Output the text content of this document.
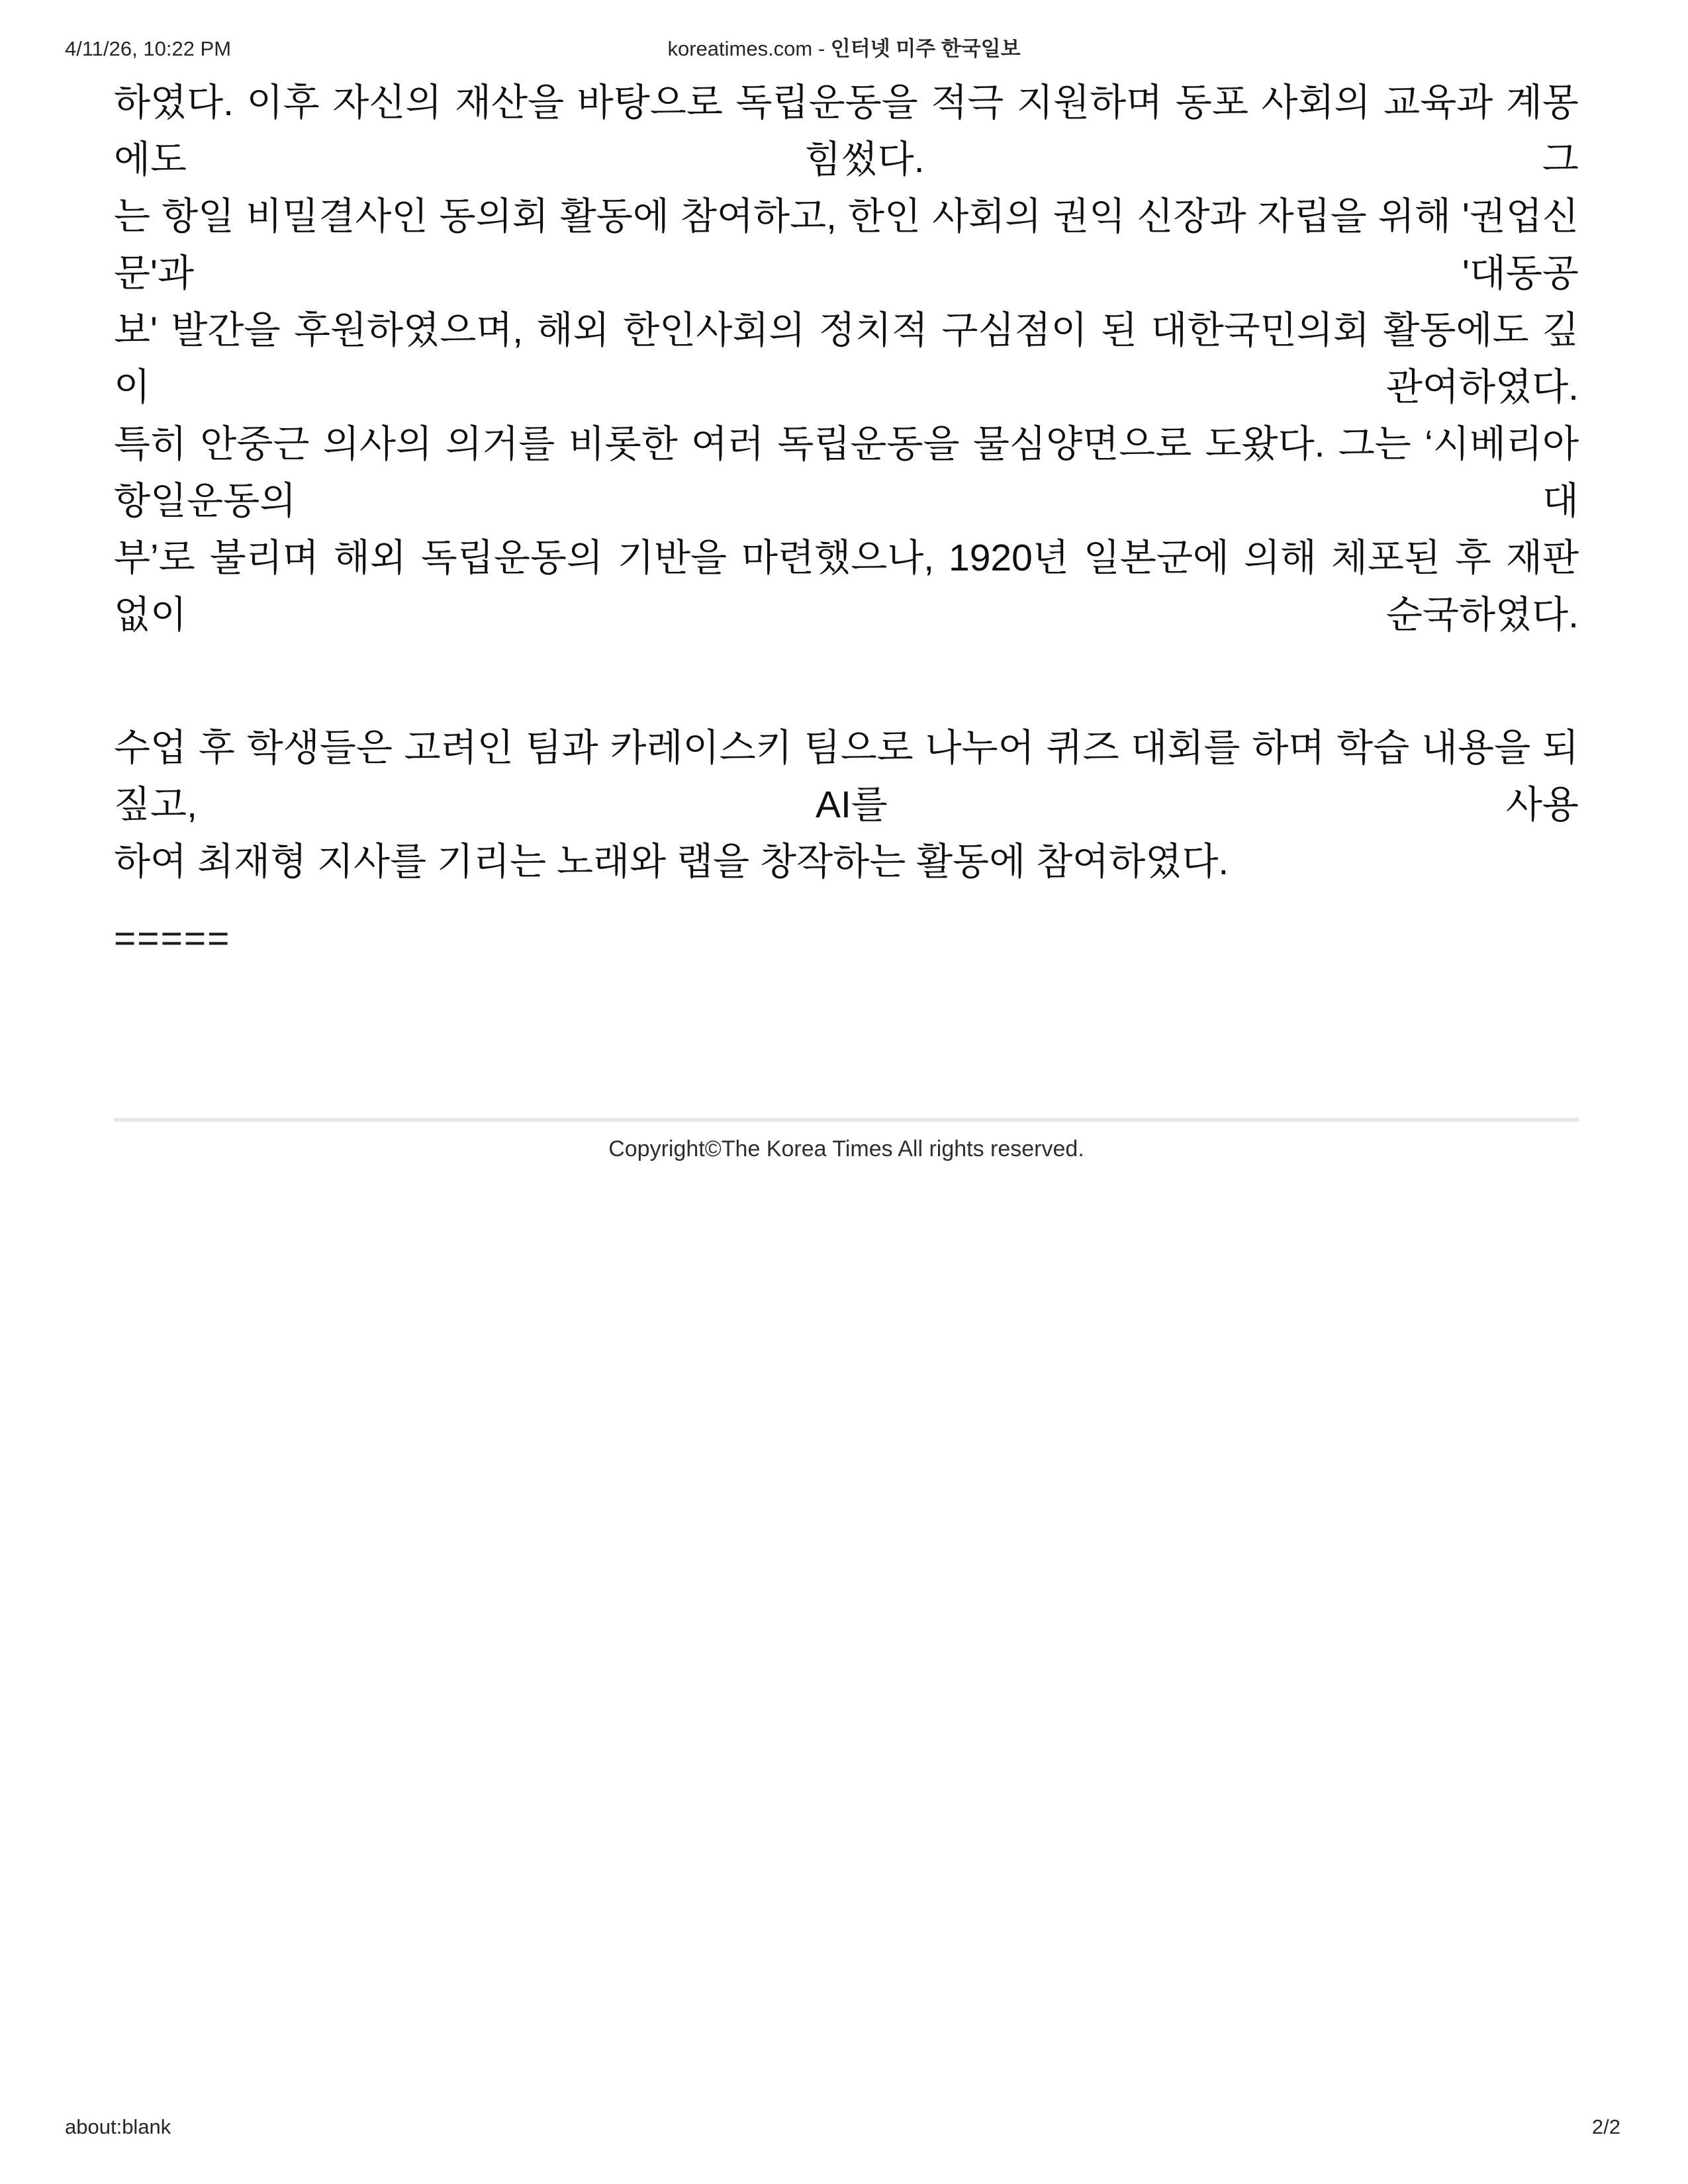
4/11/26, 10:22 PM	koreatimes.com - 인터넷 미주 한국일보
하였다. 이후 자신의 재산을 바탕으로 독립운동을 적극 지원하며 동포 사회의 교육과 계몽에도 힘썼다. 그
는 항일 비밀결사인 동의회 활동에 참여하고, 한인 사회의 권익 신장과 자립을 위해 '권업신문'과 '대동공
보' 발간을 후원하였으며, 해외 한인사회의 정치적 구심점이 된 대한국민의회 활동에도 깊이 관여하였다.
특히 안중근 의사의 의거를 비롯한 여러 독립운동을 물심양면으로 도왔다. 그는 ‘시베리아 항일운동의 대
부’로 불리며 해외 독립운동의 기반을 마련했으나, 1920년 일본군에 의해 체포된 후 재판 없이 순국하였다.
수업 후 학생들은 고려인 팀과 카레이스키 팀으로 나누어 퀴즈 대회를 하며 학습 내용을 되짚고, AI를 사용
하여 최재형 지사를 기리는 노래와 랩을 창작하는 활동에 참여하였다.
=====
Copyright©The Korea Times All rights reserved.
about:blank	2/2
